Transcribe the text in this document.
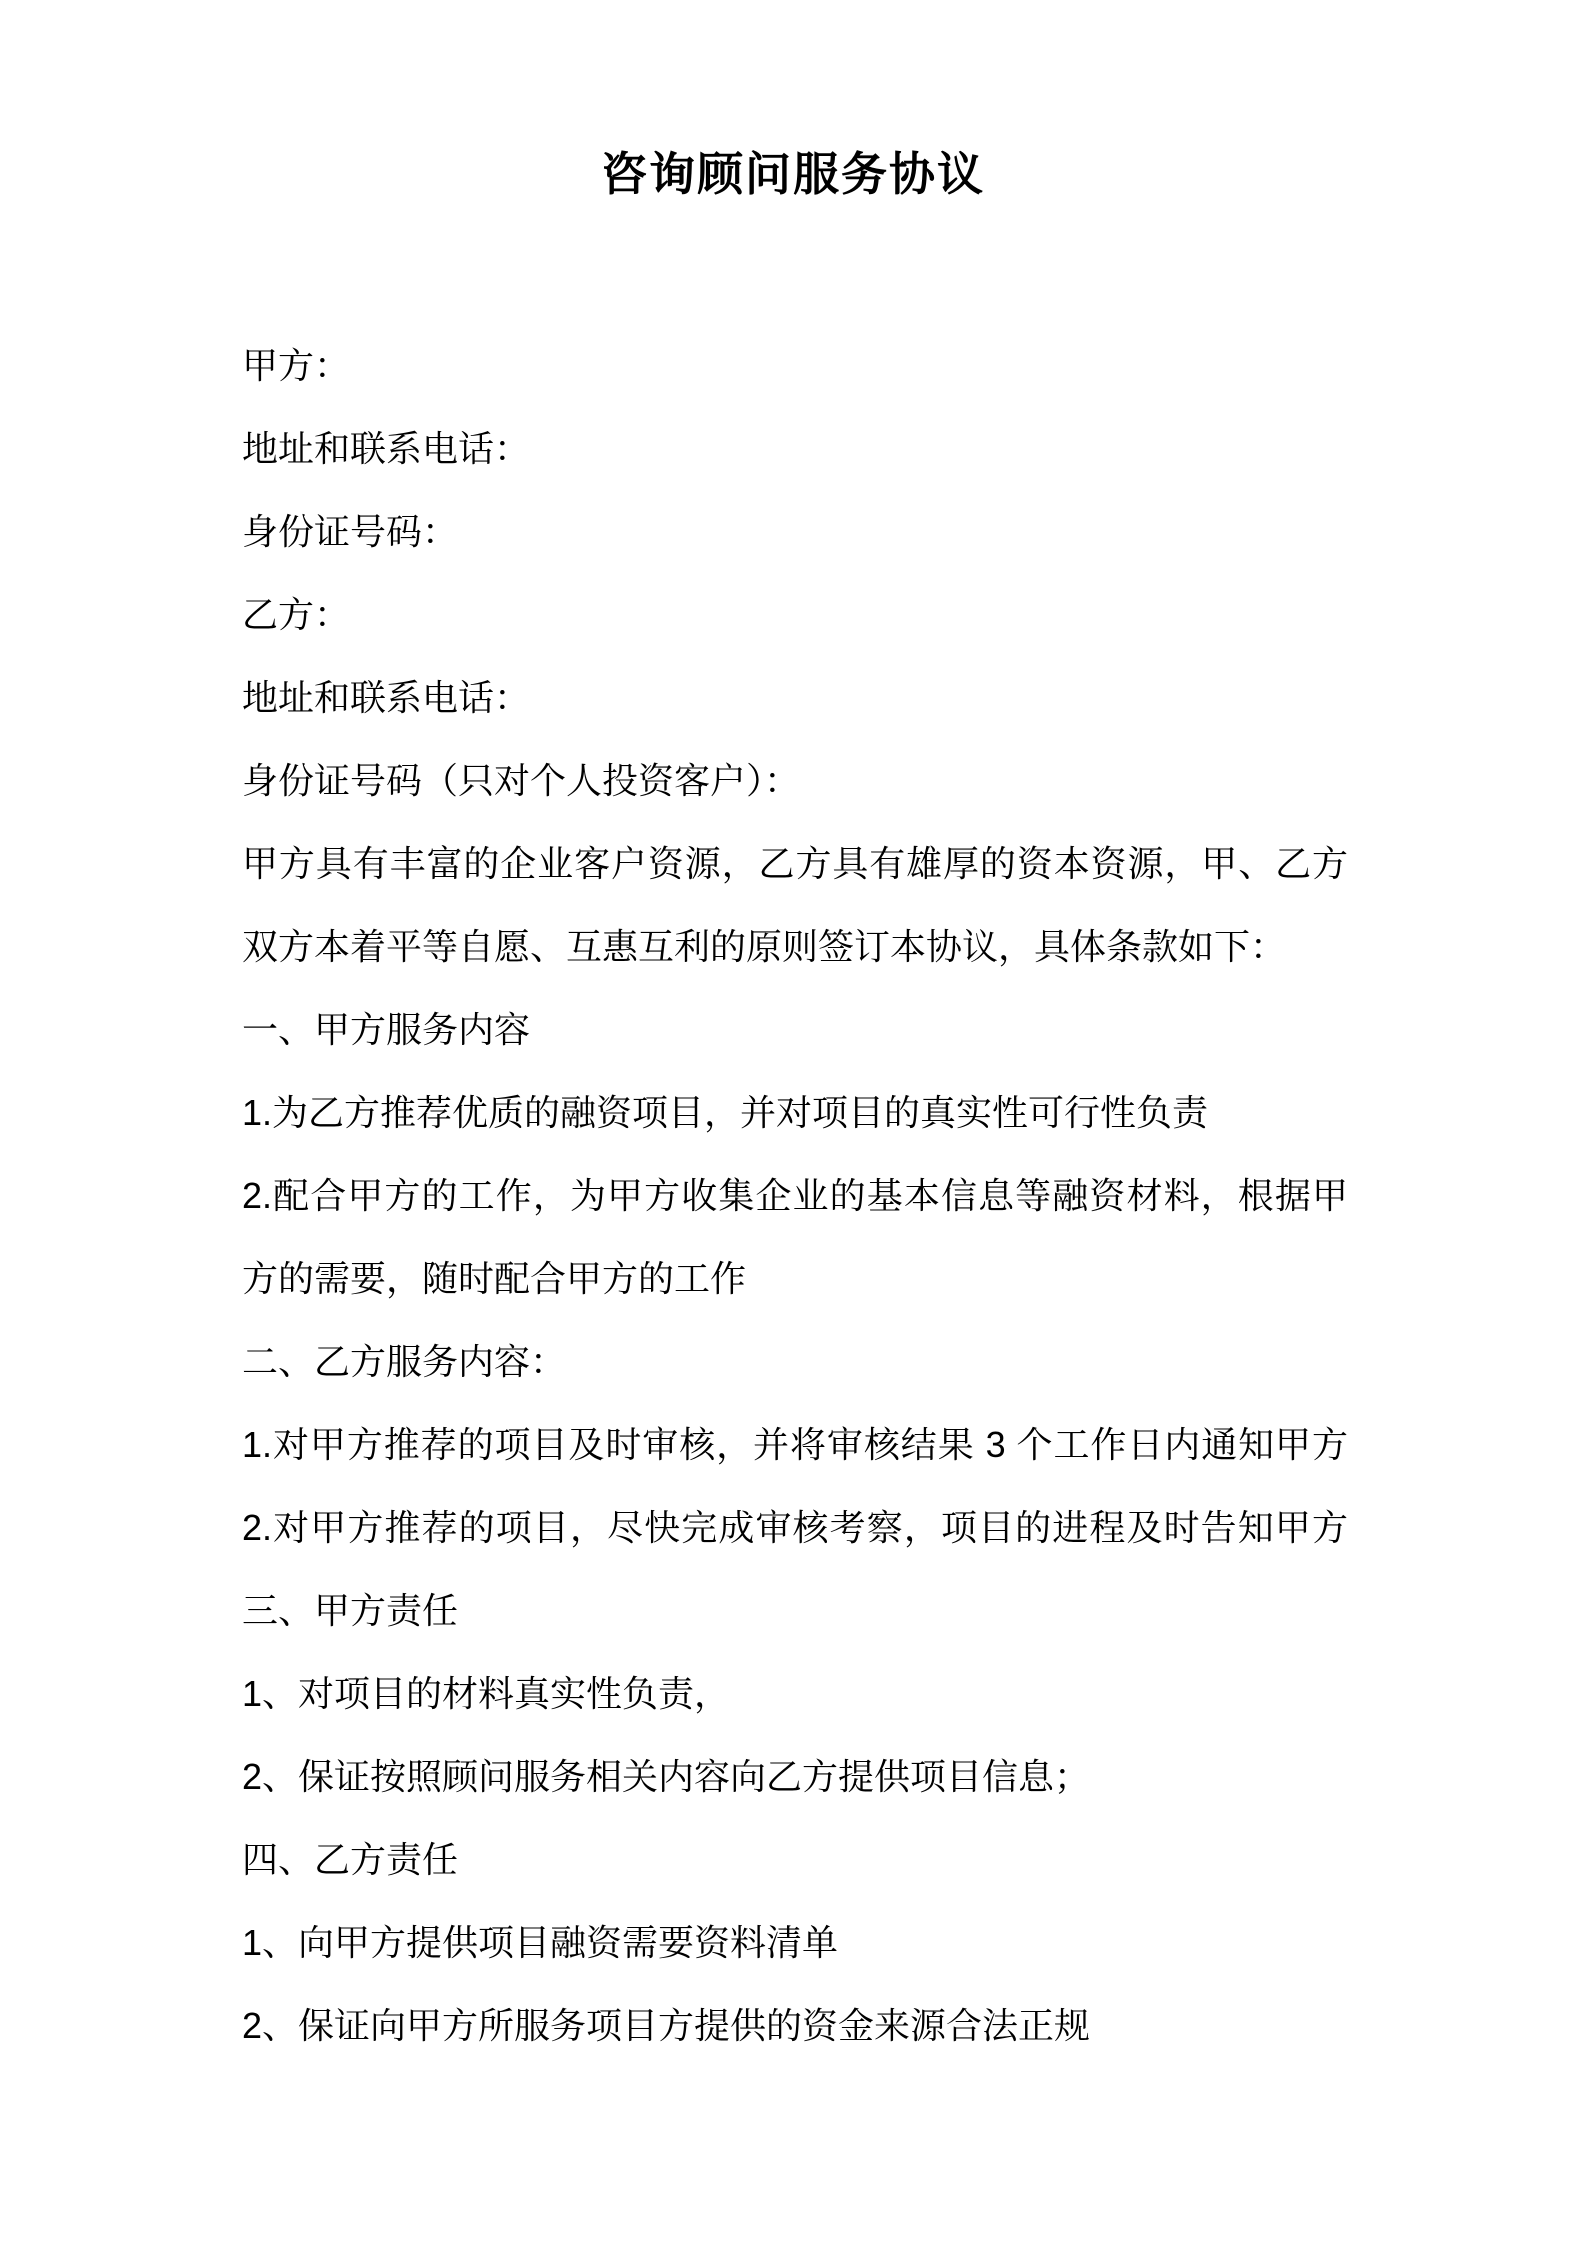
咨询顾问服务协议
甲方：
地址和联系电话：
身份证号码：
乙方：
地址和联系电话：
身份证号码（只对个人投资客户）：
甲方具有丰富的企业客户资源，乙方具有雄厚的资本资源，甲、乙方
双方本着平等自愿、互惠互利的原则签订本协议，具体条款如下：
一、甲方服务内容
1.为乙方推荐优质的融资项目，并对项目的真实性可行性负责
2.配合甲方的工作，为甲方收集企业的基本信息等融资材料，根据甲
方的需要，随时配合甲方的工作
二、乙方服务内容：
1.对甲方推荐的项目及时审核，并将审核结果 3 个工作日内通知甲方
2.对甲方推荐的项目，尽快完成审核考察，项目的进程及时告知甲方
三、甲方责任
1、对项目的材料真实性负责，
2、保证按照顾问服务相关内容向乙方提供项目信息；
四、乙方责任
1、向甲方提供项目融资需要资料清单
2、保证向甲方所服务项目方提供的资金来源合法正规
